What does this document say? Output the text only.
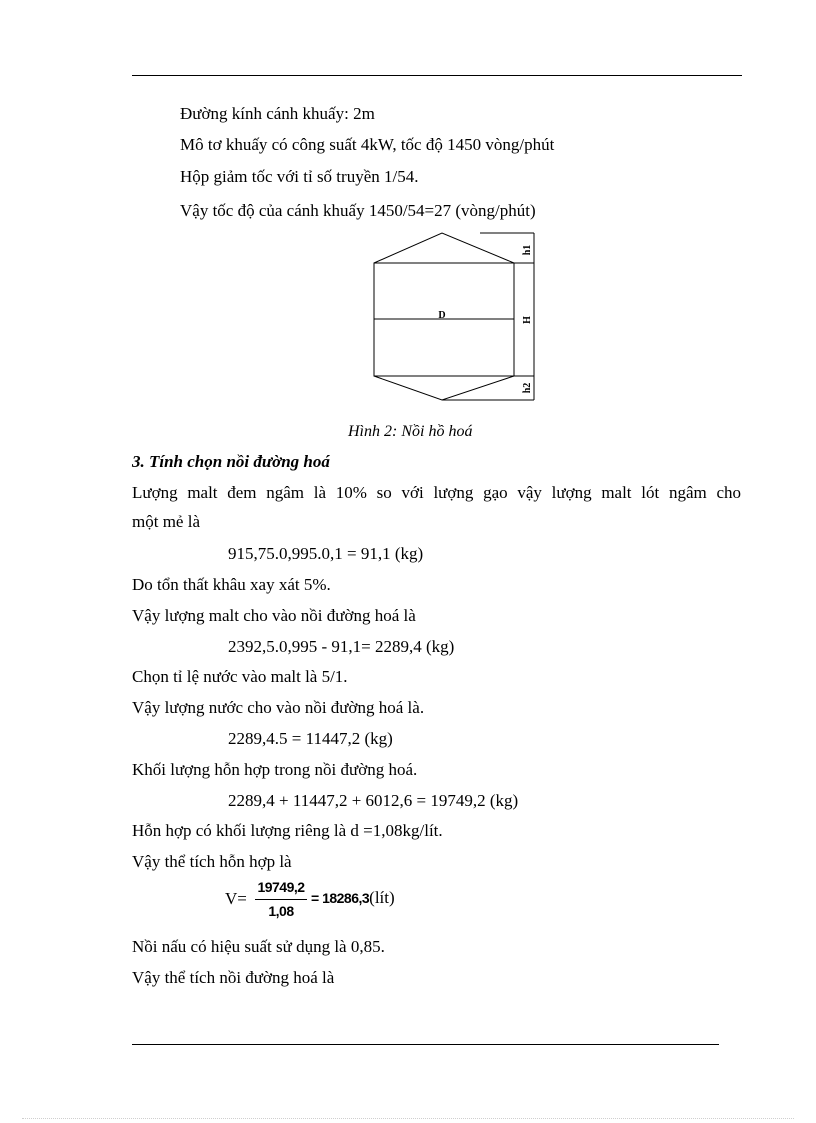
Đường kính cánh khuấy: 2m
Mô tơ khuấy có công suất 4kW, tốc độ 1450 vòng/phút
Hộp giảm tốc với tỉ số truyền 1/54.
Vậy tốc độ của cánh khuấy 1450/54=27 (vòng/phút)
h1
D	H
h2
Hình 2: Nồi hồ hoá
3. Tính chọn nồi đường hoá
Lượng malt đem ngâm là 10% so với lượng gạo vậy lượng malt lót ngâm cho
một mẻ là
915,75.0,995.0,1 = 91,1 (kg)
Do tổn thất khâu xay xát 5%.
Vậy lượng malt cho vào nồi đường hoá là
2392,5.0,995 - 91,1= 2289,4 (kg)
Chọn tỉ lệ nước vào malt là 5/1.
Vậy lượng nước cho vào nồi đường hoá là.
2289,4.5 = 11447,2 (kg)
Khối lượng hỗn hợp trong nồi đường hoá.
2289,4 + 11447,2 + 6012,6 = 19749,2 (kg)
Hỗn hợp có khối lượng riêng là d =1,08kg/lít.
Vậy thể tích hỗn hợp là
V=
19749,2
1,08
= 18286,3(lít)
Nồi nấu có hiệu suất sử dụng là 0,85.
Vậy thể tích nồi đường hoá là
